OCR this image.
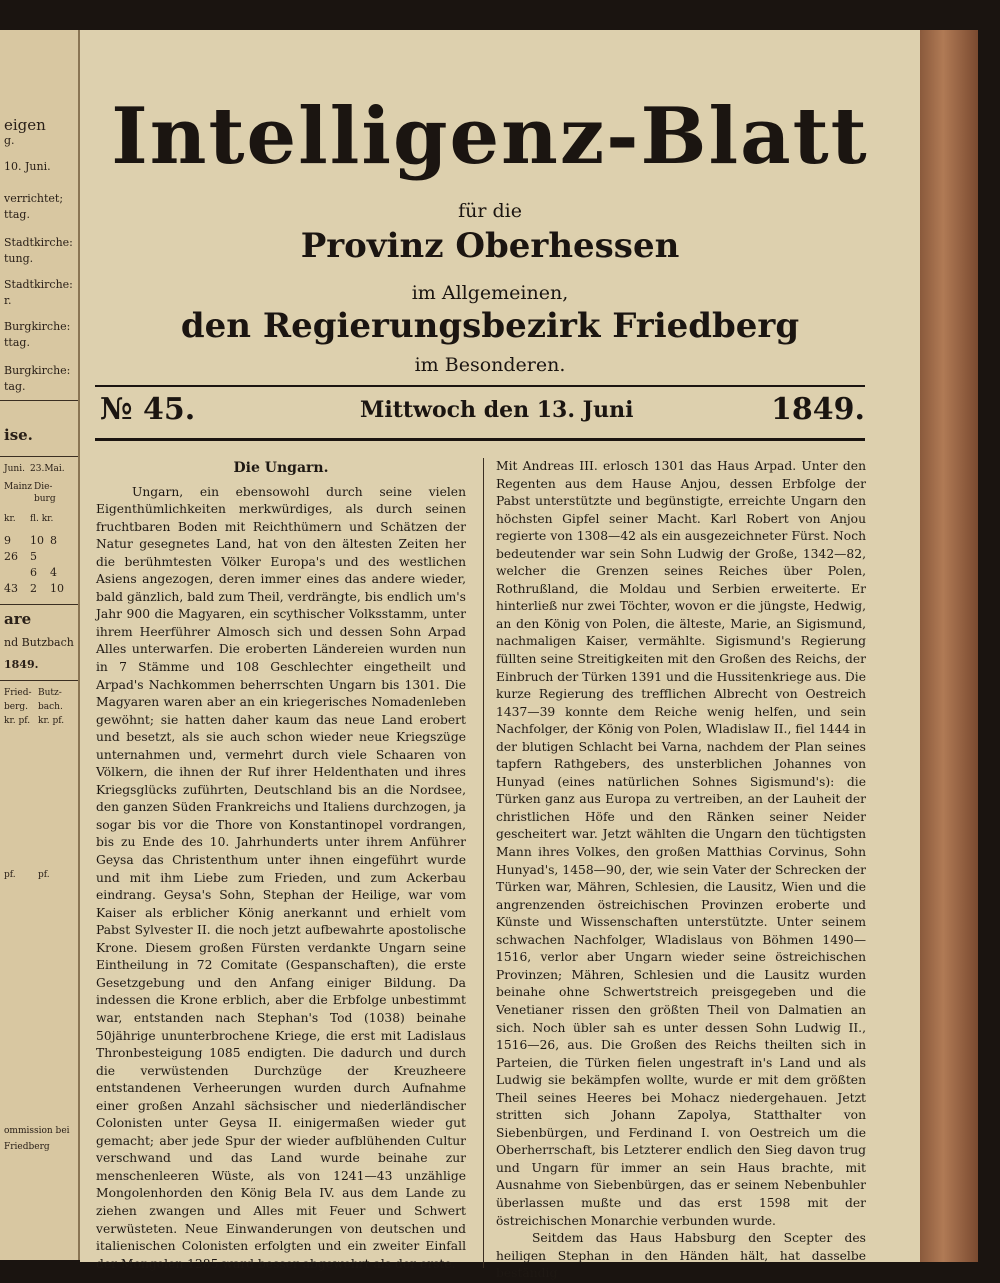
eigen
g.
10. Juni.
verrichtet;
ttag.
Stadtkirche:
tung.
Stadtkirche:
r.
Burgkirche:
ttag.
Burgkirche:
tag.
ise.
Juni. 23.Mai.
Mainz Die-
burg
kr. fl. kr.
9 10 8
5
26
6 4
43 2 10
are
nd Butzbach
1849.
Fried- Butz-
berg. bach.
kr. pf. kr. pf.
pf. pf.
ommission bei
Friedberg
Intelligenz-Blatt
für die
Provinz Oberhessen
im Allgemeinen,
den Regierungsbezirk Friedberg
im Besonderen.
№ 45.	Mittwoch den 13. Juni	1849.
Die Ungarn.

Ungarn, ein ebensowohl durch seine vielen Eigenthümlichkeiten merkwürdiges, als durch seinen fruchtbaren Boden mit Reichthümern und Schätzen der Natur gesegnetes Land, hat von den ältesten Zeiten her die berühmtesten Völker Europa's und des westlichen Asiens angezogen, deren immer eines das andere wieder, bald gänzlich, bald zum Theil, verdrängte, bis endlich um's Jahr 900 die Magyaren, ein scythischer Volksstamm, unter ihrem Heerführer Almosch sich und dessen Sohn Arpad Alles unterwarfen. Die eroberten Ländereien wurden nun in 7 Stämme und 108 Geschlechter eingetheilt und Arpad's Nachkommen beherrschten Ungarn bis 1301. Die Magyaren waren aber an ein kriegerisches Nomadenleben gewöhnt; sie hatten daher kaum das neue Land erobert und besetzt, als sie auch schon wieder neue Kriegszüge unternahmen und, vermehrt durch viele Schaaren von Völkern, die ihnen der Ruf ihrer Heldenthaten und ihres Kriegsglücks zuführten, Deutschland bis an die Nordsee, den ganzen Süden Frankreichs und Italiens durchzogen, ja sogar bis vor die Thore von Konstantinopel vordrangen, bis zu Ende des 10. Jahrhunderts unter ihrem Anführer Geysa das Christenthum unter ihnen eingeführt wurde und mit ihm Liebe zum Frieden, und zum Ackerbau eindrang. Geysa's Sohn, Stephan der Heilige, war vom Kaiser als erblicher König anerkannt und erhielt vom Pabst Sylvester II. die noch jetzt aufbewahrte apostolische Krone. Diesem großen Fürsten verdankte Ungarn seine Eintheilung in 72 Comitate (Gespanschaften), die erste Gesetzgebung und den Anfang einiger Bildung. Da indessen die Krone erblich, aber die Erbfolge unbestimmt war, entstanden nach Stephan's Tod (1038) beinahe 50jährige ununterbrochene Kriege, die erst mit Ladislaus Thronbesteigung 1085 endigten. Die dadurch und durch die verwüstenden Durchzüge der Kreuzheere entstandenen Verheerungen wurden durch Aufnahme einer großen Anzahl sächsischer und niederländischer Colonisten unter Geysa II. einigermaßen wieder gut gemacht; aber jede Spur der wieder aufblühenden Cultur verschwand und das Land wurde beinahe zur menschenleeren Wüste, als von 1241—43 unzählige Mongolenhorden den König Bela IV. aus dem Lande zu ziehen zwangen und Alles mit Feuer und Schwert verwüsteten. Neue Einwanderungen von deutschen und italienischen Colonisten erfolgten und ein zweiter Einfall der Mongolen 1285 ward besser abgewehrt als der erste.

Mit Andreas III. erlosch 1301 das Haus Arpad. Unter den Regenten aus dem Hause Anjou, dessen Erbfolge der Pabst unterstützte und begünstigte, erreichte Ungarn den höchsten Gipfel seiner Macht. Karl Robert von Anjou regierte von 1308—42 als ein ausgezeichneter Fürst. Noch bedeutender war sein Sohn Ludwig der Große, 1342—82, welcher die Grenzen seines Reiches über Polen, Rothrußland, die Moldau und Serbien erweiterte. Er hinterließ nur zwei Töchter, wovon er die jüngste, Hedwig, an den König von Polen, die älteste, Marie, an Sigismund, nachmaligen Kaiser, vermählte. Sigismund's Regierung füllten seine Streitigkeiten mit den Großen des Reichs, der Einbruch der Türken 1391 und die Hussitenkriege aus. Die kurze Regierung des trefflichen Albrecht von Oestreich 1437—39 konnte dem Reiche wenig helfen, und sein Nachfolger, der König von Polen, Wladislaw II., fiel 1444 in der blutigen Schlacht bei Varna, nachdem der Plan seines tapfern Rathgebers, des unsterblichen Johannes von Hunyad (eines natürlichen Sohnes Sigismund's): die Türken ganz aus Europa zu vertreiben, an der Lauheit der christlichen Höfe und den Ränken seiner Neider gescheitert war. Jetzt wählten die Ungarn den tüchtigsten Mann ihres Volkes, den großen Matthias Corvinus, Sohn Hunyad's, 1458—90, der, wie sein Vater der Schrecken der Türken war, Mähren, Schlesien, die Lausitz, Wien und die angrenzenden östreichischen Provinzen eroberte und Künste und Wissenschaften unterstützte. Unter seinem schwachen Nachfolger, Wladislaus von Böhmen 1490—1516, verlor aber Ungarn wieder seine östreichischen Provinzen; Mähren, Schlesien und die Lausitz wurden beinahe ohne Schwertstreich preisgegeben und die Venetianer rissen den größten Theil von Dalmatien an sich. Noch übler sah es unter dessen Sohn Ludwig II., 1516—26, aus. Die Großen des Reichs theilten sich in Parteien, die Türken fielen ungestraft in's Land und als Ludwig sie bekämpfen wollte, wurde er mit dem größten Theil seines Heeres bei Mohacz niedergehauen. Jetzt stritten sich Johann Zapolya, Statthalter von Siebenbürgen, und Ferdinand I. von Oestreich um die Oberherrschaft, bis Letzterer endlich den Sieg davon trug und Ungarn für immer an sein Haus brachte, mit Ausnahme von Siebenbürgen, das er seinem Nebenbuhler überlassen mußte und das erst 1598 mit der östreichischen Monarchie verbunden wurde.

Seitdem das Haus Habsburg den Scepter des heiligen Stephan in den Händen hält, hat dasselbe beständig
